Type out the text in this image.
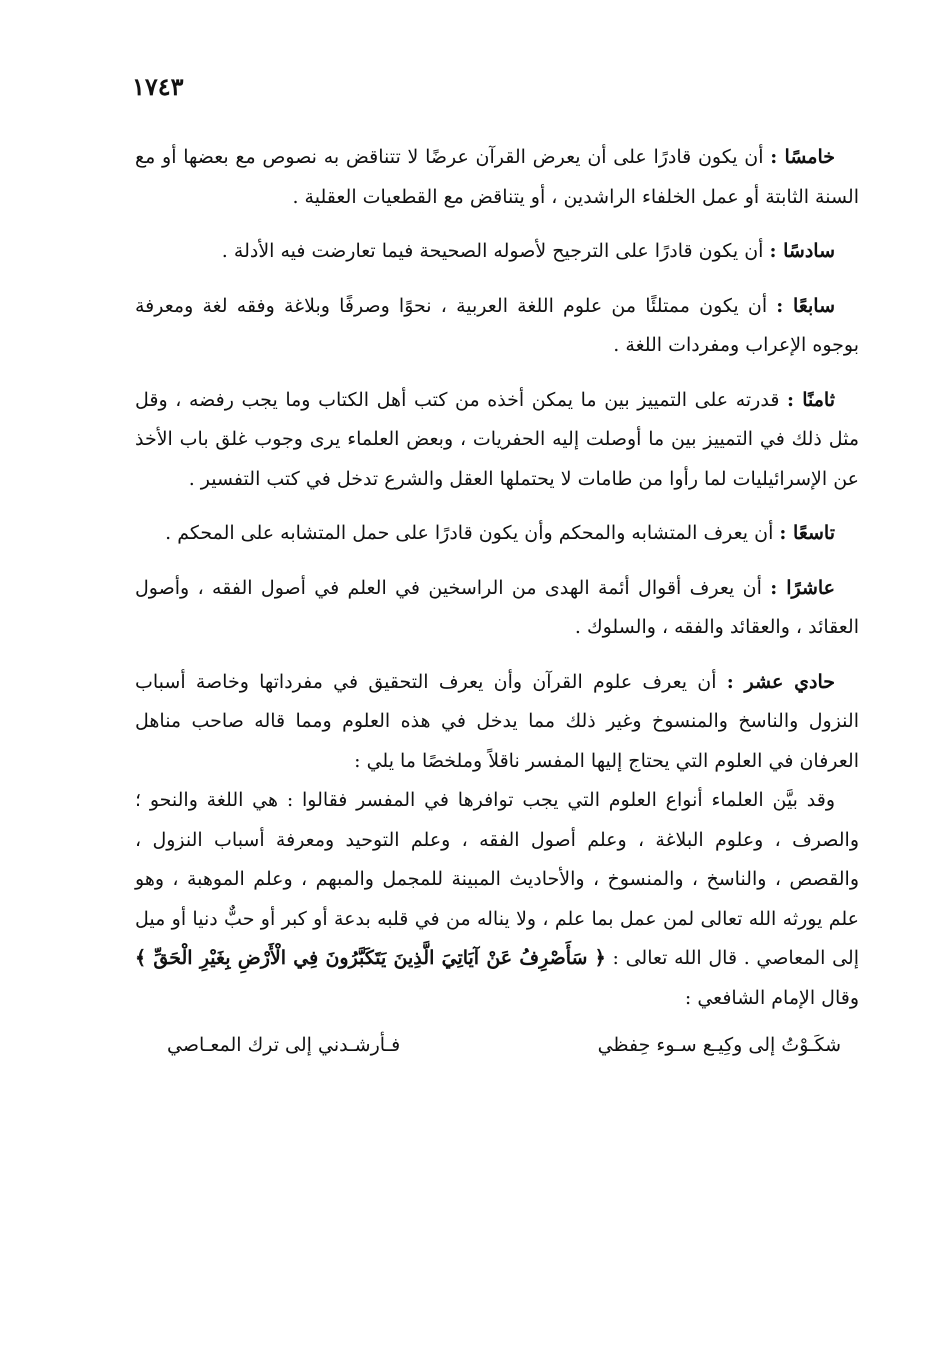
١٧٤٣

خامسًا : أن يكون قادرًا على أن يعرض القرآن عرضًا لا تتناقض به نصوص مع بعضها أو مع السنة الثابتة أو عمل الخلفاء الراشدين ، أو يتناقض مع القطعيات العقلية .

سادسًا : أن يكون قادرًا على الترجيح لأصوله الصحيحة فيما تعارضت فيه الأدلة .

سابعًا : أن يكون ممتلئًا من علوم اللغة العربية ، نحوًا وصرفًا وبلاغة وفقه لغة ومعرفة بوجوه الإعراب ومفردات اللغة .

ثامنًا : قدرته على التمييز بين ما يمكن أخذه من كتب أهل الكتاب وما يجب رفضه ، وقل مثل ذلك في التمييز بين ما أوصلت إليه الحفريات ، وبعض العلماء يرى وجوب غلق باب الأخذ عن الإسرائيليات لما رأوا من طامات لا يحتملها العقل والشرع تدخل في كتب التفسير .

تاسعًا : أن يعرف المتشابه والمحكم وأن يكون قادرًا على حمل المتشابه على المحكم .

عاشرًا : أن يعرف أقوال أئمة الهدى من الراسخين في العلم في أصول الفقه ، وأصول العقائد ، والعقائد والفقه ، والسلوك .

حادي عشر : أن يعرف علوم القرآن وأن يعرف التحقيق في مفرداتها وخاصة أسباب النزول والناسخ والمنسوخ وغير ذلك مما يدخل في هذه العلوم ومما قاله صاحب مناهل العرفان في العلوم التي يحتاج إليها المفسر ناقلاً وملخصًا ما يلي :

وقد بيَّن العلماء أنواع العلوم التي يجب توافرها في المفسر فقالوا : هي اللغة والنحو ؛ والصرف ، وعلوم البلاغة ، وعلم أصول الفقه ، وعلم التوحيد ومعرفة أسباب النزول ، والقصص ، والناسخ ، والمنسوخ ، والأحاديث المبينة للمجمل والمبهم ، وعلم الموهبة ، وهو علم يورثه الله تعالى لمن عمل بما علم ، ولا يناله من في قلبه بدعة أو كبر أو حبٌّ دنيا أو ميل إلى المعاصي . قال الله تعالى : ﴿ سَأَصْرِفُ عَنْ آيَاتِيَ الَّذِينَ يَتَكَبَّرُونَ فِي الْأَرْضِ بِغَيْرِ الْحَقِّ ﴾ وقال الإمام الشافعي :

شكَـوْتُ إلى وكِيـع سـوء حِفظي
فـأرشـدني إلى ترك المعـاصي
